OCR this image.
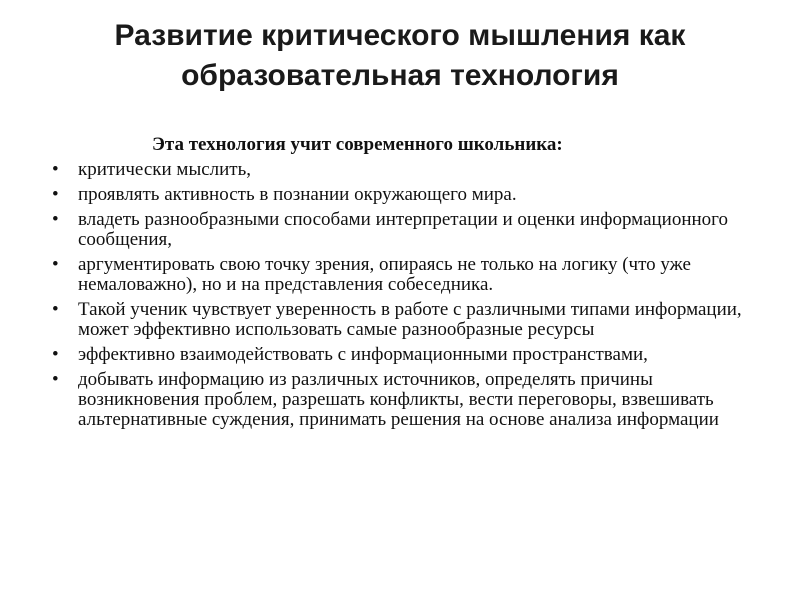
Развитие критического мышления как
образовательная технология

Эта технология учит современного школьника:

•	критически мыслить,
•	проявлять активность в познании окружающего мира.
•	владеть разнообразными способами интерпретации и оценки информационного сообщения,
•	аргументировать свою точку зрения, опираясь не только на логику (что уже немаловажно), но и на представления собеседника.
•	Такой ученик чувствует уверенность в работе с различными типами информации, может эффективно использовать самые разнообразные ресурсы
•	эффективно взаимодействовать с информационными пространствами,
•	добывать информацию из различных источников, определять причины возникновения проблем, разрешать конфликты, вести переговоры, взвешивать альтернативные суждения, принимать решения на основе анализа информации
